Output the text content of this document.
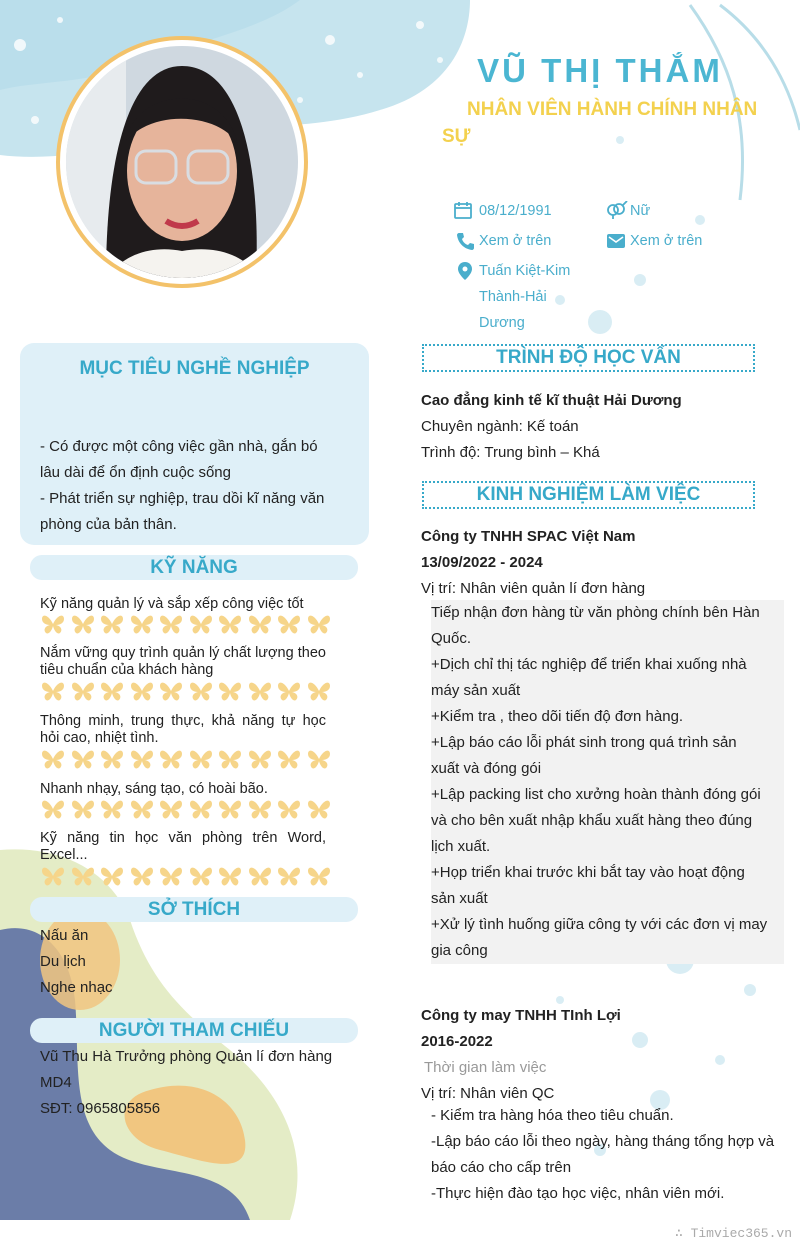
VŨ THỊ THẮM
NHÂN VIÊN HÀNH CHÍNH NHÂN SỰ
08/12/1991	Nữ
Xem ở trên	Xem ở trên
Tuấn Kiệt-Kim
Thành-Hải
Dương
MỤC TIÊU NGHỀ NGHIỆP
- Có được một công việc gần nhà, gắn bó
lâu dài để ổn định cuộc sống
- Phát triển sự nghiệp, trau dồi kĩ năng văn
phòng của bản thân.
KỸ NĂNG
Kỹ năng quản lý và sắp xếp công việc tốt
Nắm vững quy trình quản lý chất lượng theo tiêu chuẩn của khách hàng
Thông minh, trung thực, khả năng tự học hỏi cao, nhiệt tình.
Nhanh nhạy, sáng tạo, có hoài bão.
Kỹ năng tin học văn phòng trên Word, Excel...
SỞ THÍCH
Nấu ăn
Du lịch
Nghe nhạc
NGƯỜI THAM CHIẾU
Vũ Thu Hà Trưởng phòng Quản lí đơn hàng
MD4
SĐT: 0965805856
TRÌNH ĐỘ HỌC VẤN
Cao đẳng kinh tế kĩ thuật Hải Dương
Chuyên ngành: Kế toán
Trình độ: Trung bình – Khá
KINH NGHIỆM LÀM VIỆC
Công ty TNHH SPAC Việt Nam
13/09/2022 - 2024
Vị trí: Nhân viên quản lí đơn hàng
Tiếp nhận đơn hàng từ văn phòng chính bên Hàn
Quốc.
+Dịch chỉ thị tác nghiệp để triển khai xuống nhà
máy sản xuất
+Kiểm tra , theo dõi tiến độ đơn hàng.
+Lập báo cáo lỗi phát sinh trong quá trình sản
xuất và đóng gói
+Lập packing list cho xưởng hoàn thành đóng gói
và cho bên xuất nhập khẩu xuất hàng theo đúng
lịch xuất.
+Họp triển khai trước khi bắt tay vào hoạt động
sản xuất
+Xử lý tình huống giữa công ty với các đơn vị may
gia công
Công ty may TNHH TInh Lợi
2016-2022
Thời gian làm việc
Vị trí: Nhân viên QC
- Kiểm tra hàng hóa theo tiêu chuẩn.
-Lập báo cáo lỗi theo ngày, hàng tháng tổng hợp và
báo cáo cho cấp trên
-Thực hiện đào tạo học việc, nhân viên mới.
∴ Timviec365.vn
